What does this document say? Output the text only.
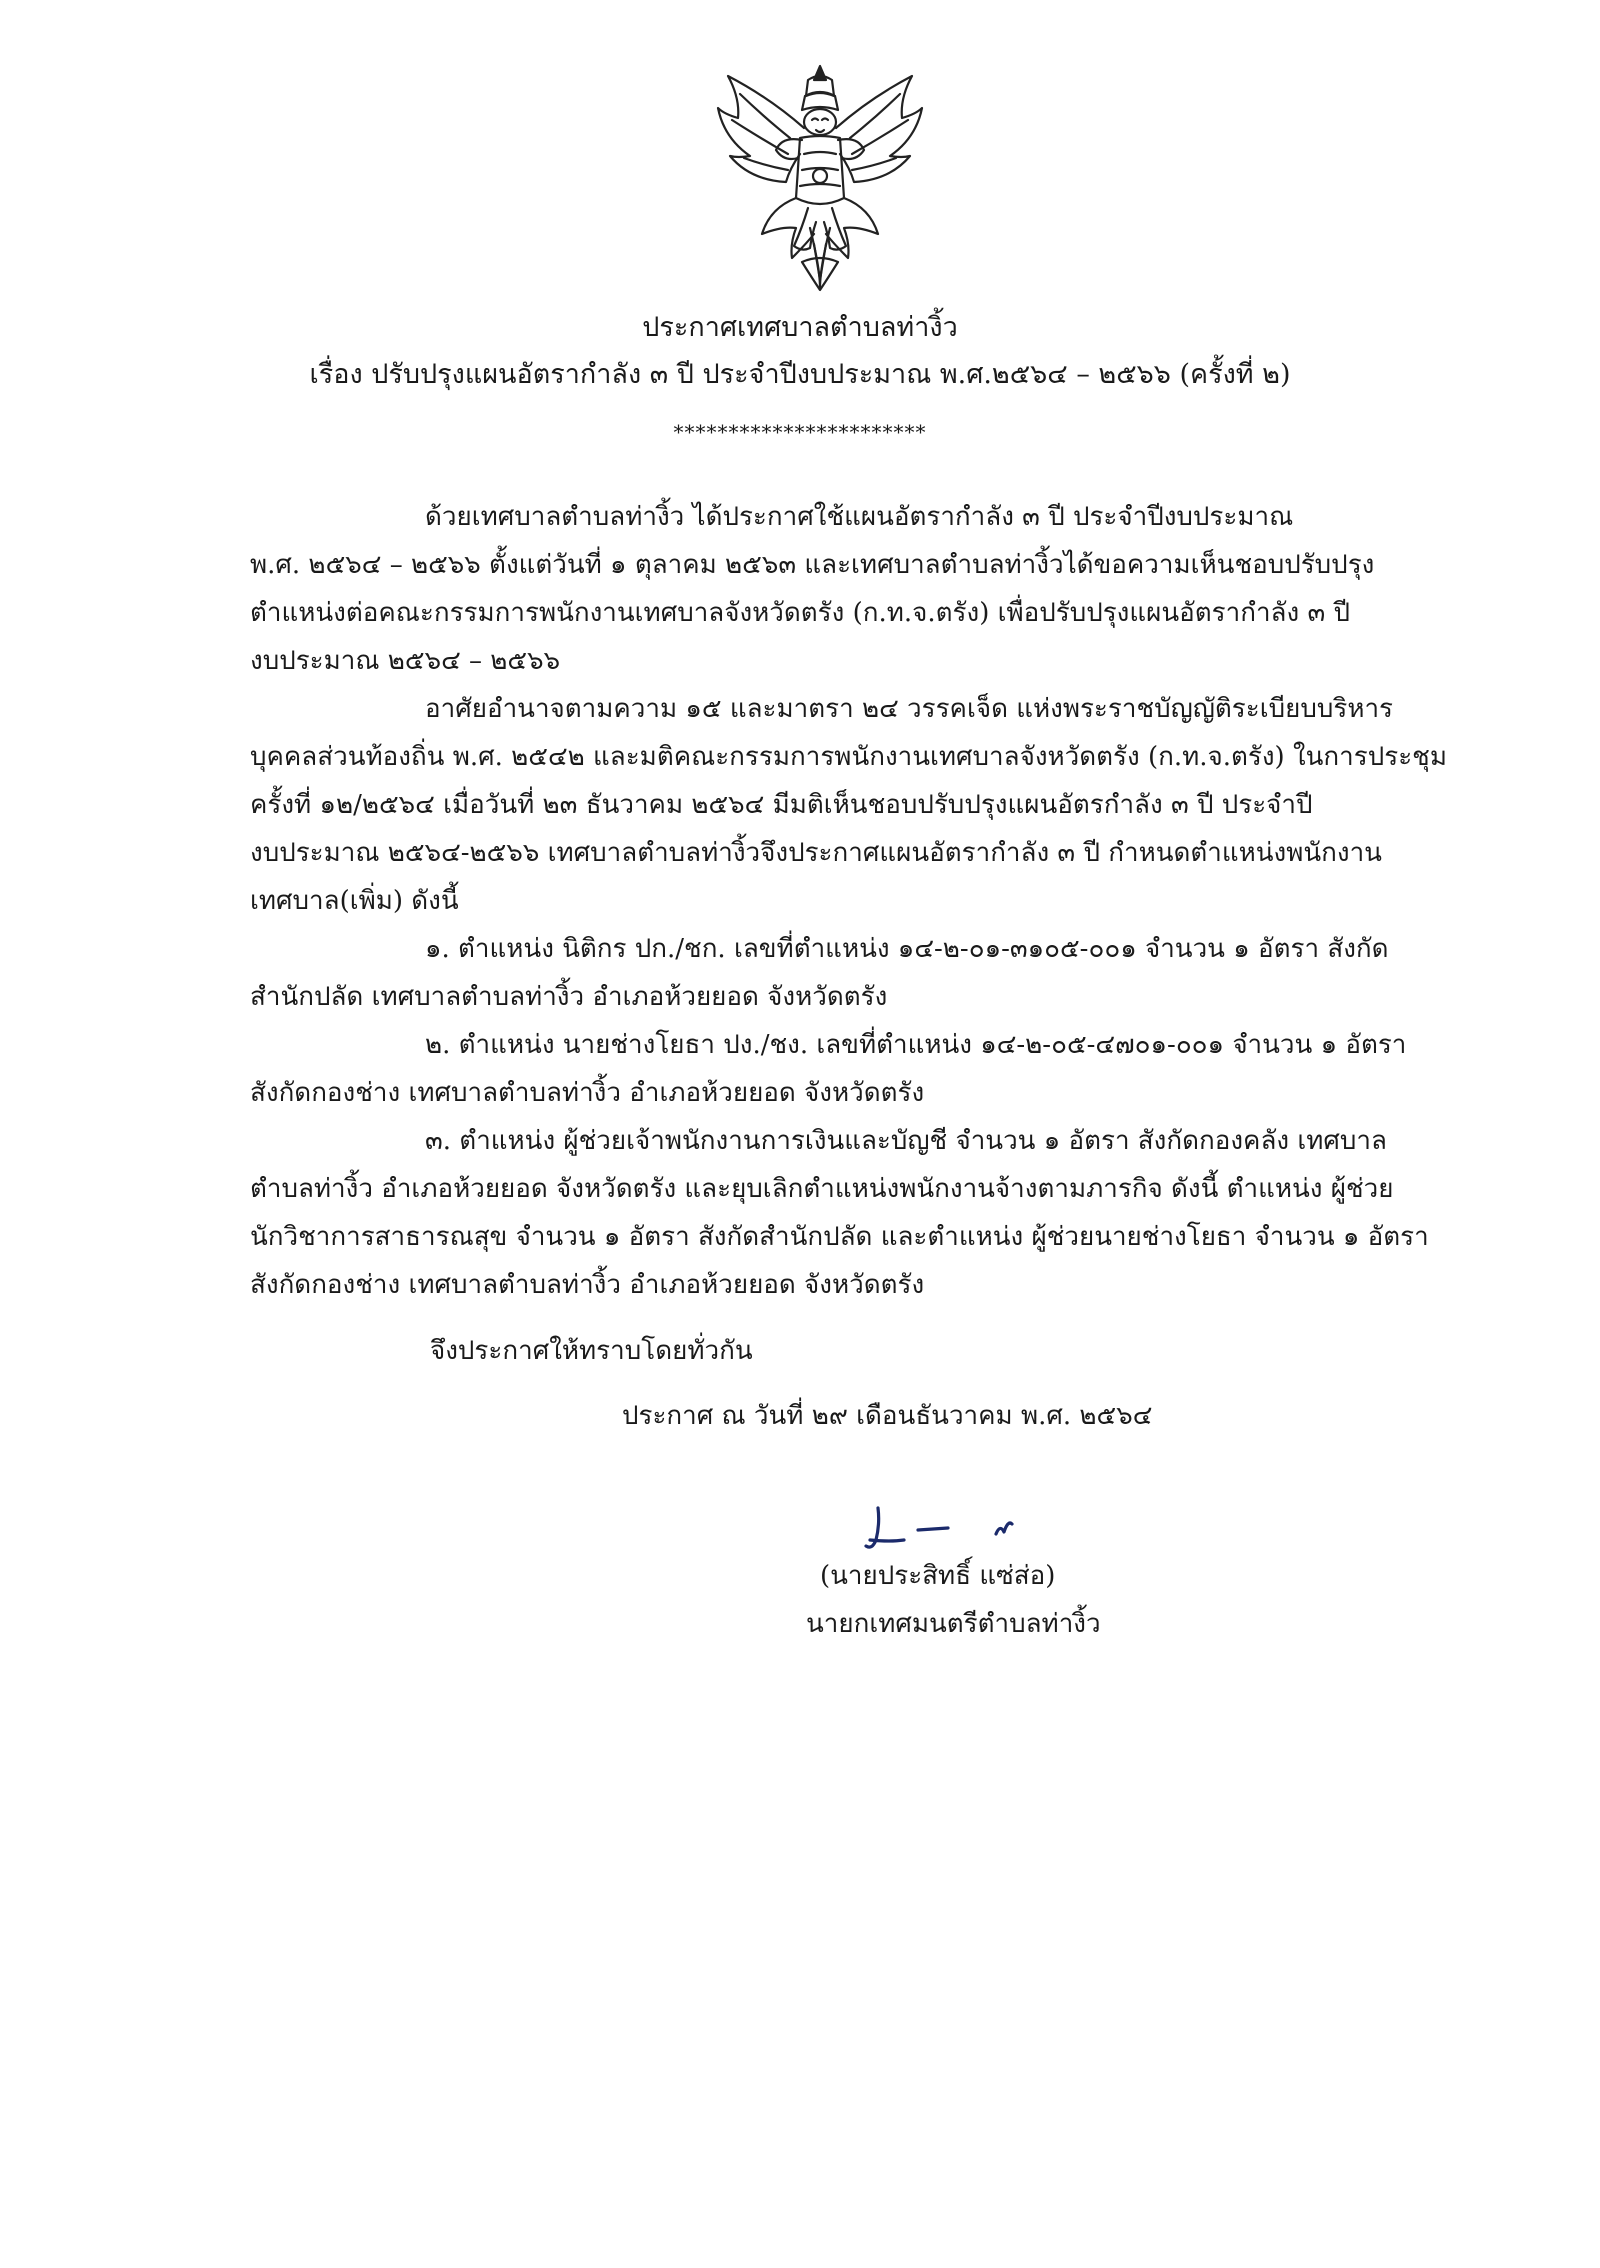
ประกาศเทศบาลตำบลท่างิ้ว
เรื่อง ปรับปรุงแผนอัตรากำลัง ๓ ปี ประจำปีงบประมาณ พ.ศ.๒๕๖๔ – ๒๕๖๖ (ครั้งที่ ๒)
***********************
ด้วยเทศบาลตำบลท่างิ้ว ได้ประกาศใช้แผนอัตรากำลัง ๓ ปี ประจำปีงบประมาณ
พ.ศ. ๒๕๖๔ – ๒๕๖๖ ตั้งแต่วันที่ ๑ ตุลาคม ๒๕๖๓ และเทศบาลตำบลท่างิ้วได้ขอความเห็นชอบปรับปรุง
ตำแหน่งต่อคณะกรรมการพนักงานเทศบาลจังหวัดตรัง (ก.ท.จ.ตรัง) เพื่อปรับปรุงแผนอัตรากำลัง ๓ ปี
งบประมาณ ๒๕๖๔ – ๒๕๖๖
อาศัยอำนาจตามความ ๑๕ และมาตรา ๒๔ วรรคเจ็ด แห่งพระราชบัญญัติระเบียบบริหาร
บุคคลส่วนท้องถิ่น พ.ศ. ๒๕๔๒ และมติคณะกรรมการพนักงานเทศบาลจังหวัดตรัง (ก.ท.จ.ตรัง) ในการประชุม
ครั้งที่ ๑๒/๒๕๖๔ เมื่อวันที่ ๒๓ ธันวาคม ๒๕๖๔ มีมติเห็นชอบปรับปรุงแผนอัตรกำลัง ๓ ปี ประจำปี
งบประมาณ ๒๕๖๔-๒๕๖๖ เทศบาลตำบลท่างิ้วจึงประกาศแผนอัตรากำลัง ๓ ปี กำหนดตำแหน่งพนักงาน
เทศบาล(เพิ่ม) ดังนี้
๑. ตำแหน่ง นิติกร ปก./ชก. เลขที่ตำแหน่ง ๑๔-๒-๐๑-๓๑๐๕-๐๐๑ จำนวน ๑ อัตรา สังกัด
สำนักปลัด เทศบาลตำบลท่างิ้ว อำเภอห้วยยอด จังหวัดตรัง
๒. ตำแหน่ง นายช่างโยธา ปง./ชง. เลขที่ตำแหน่ง ๑๔-๒-๐๕-๔๗๐๑-๐๐๑ จำนวน ๑ อัตรา
สังกัดกองช่าง เทศบาลตำบลท่างิ้ว อำเภอห้วยยอด จังหวัดตรัง
๓. ตำแหน่ง ผู้ช่วยเจ้าพนักงานการเงินและบัญชี จำนวน ๑ อัตรา สังกัดกองคลัง เทศบาล
ตำบลท่างิ้ว อำเภอห้วยยอด จังหวัดตรัง และยุบเลิกตำแหน่งพนักงานจ้างตามภารกิจ ดังนี้ ตำแหน่ง ผู้ช่วย
นักวิชาการสาธารณสุข จำนวน ๑ อัตรา สังกัดสำนักปลัด และตำแหน่ง ผู้ช่วยนายช่างโยธา จำนวน ๑ อัตรา
สังกัดกองช่าง เทศบาลตำบลท่างิ้ว อำเภอห้วยยอด จังหวัดตรัง
จึงประกาศให้ทราบโดยทั่วกัน
ประกาศ ณ วันที่ ๒๙ เดือนธันวาคม พ.ศ. ๒๕๖๔
(นายประสิทธิ์ แซ่ส่อ)
นายกเทศมนตรีตำบลท่างิ้ว
